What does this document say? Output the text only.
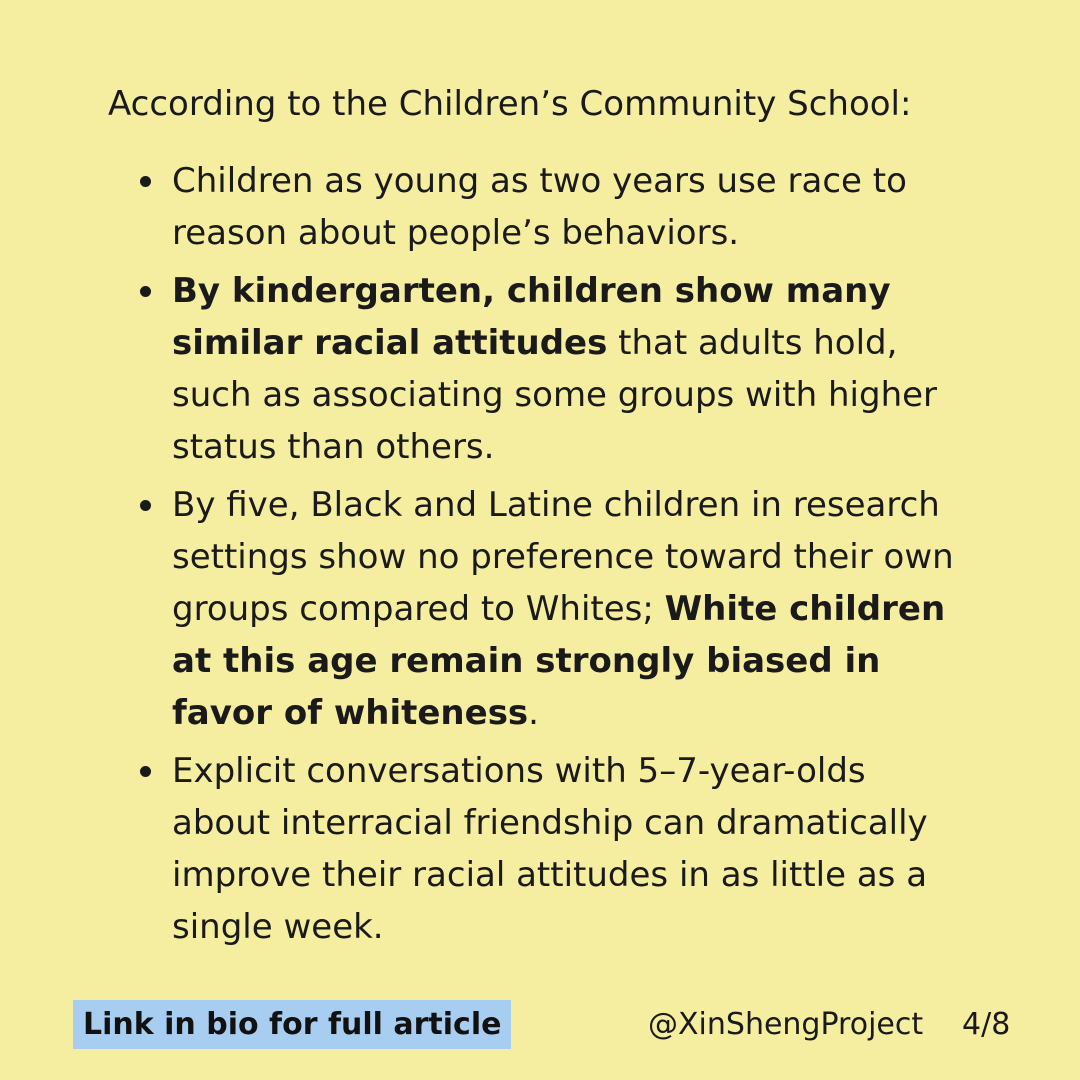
According to the Children’s Community School:

Children as young as two years use race to reason about people’s behaviors.
By kindergarten, children show many similar racial attitudes that adults hold, such as associating some groups with higher status than others.
By five, Black and Latine children in research settings show no preference toward their own groups compared to Whites; White children at this age remain strongly biased in favor of whiteness.
Explicit conversations with 5–7-year-olds about interracial friendship can dramatically improve their racial attitudes in as little as a single week.
Link in bio for full article	@XinShengProject 4/8
